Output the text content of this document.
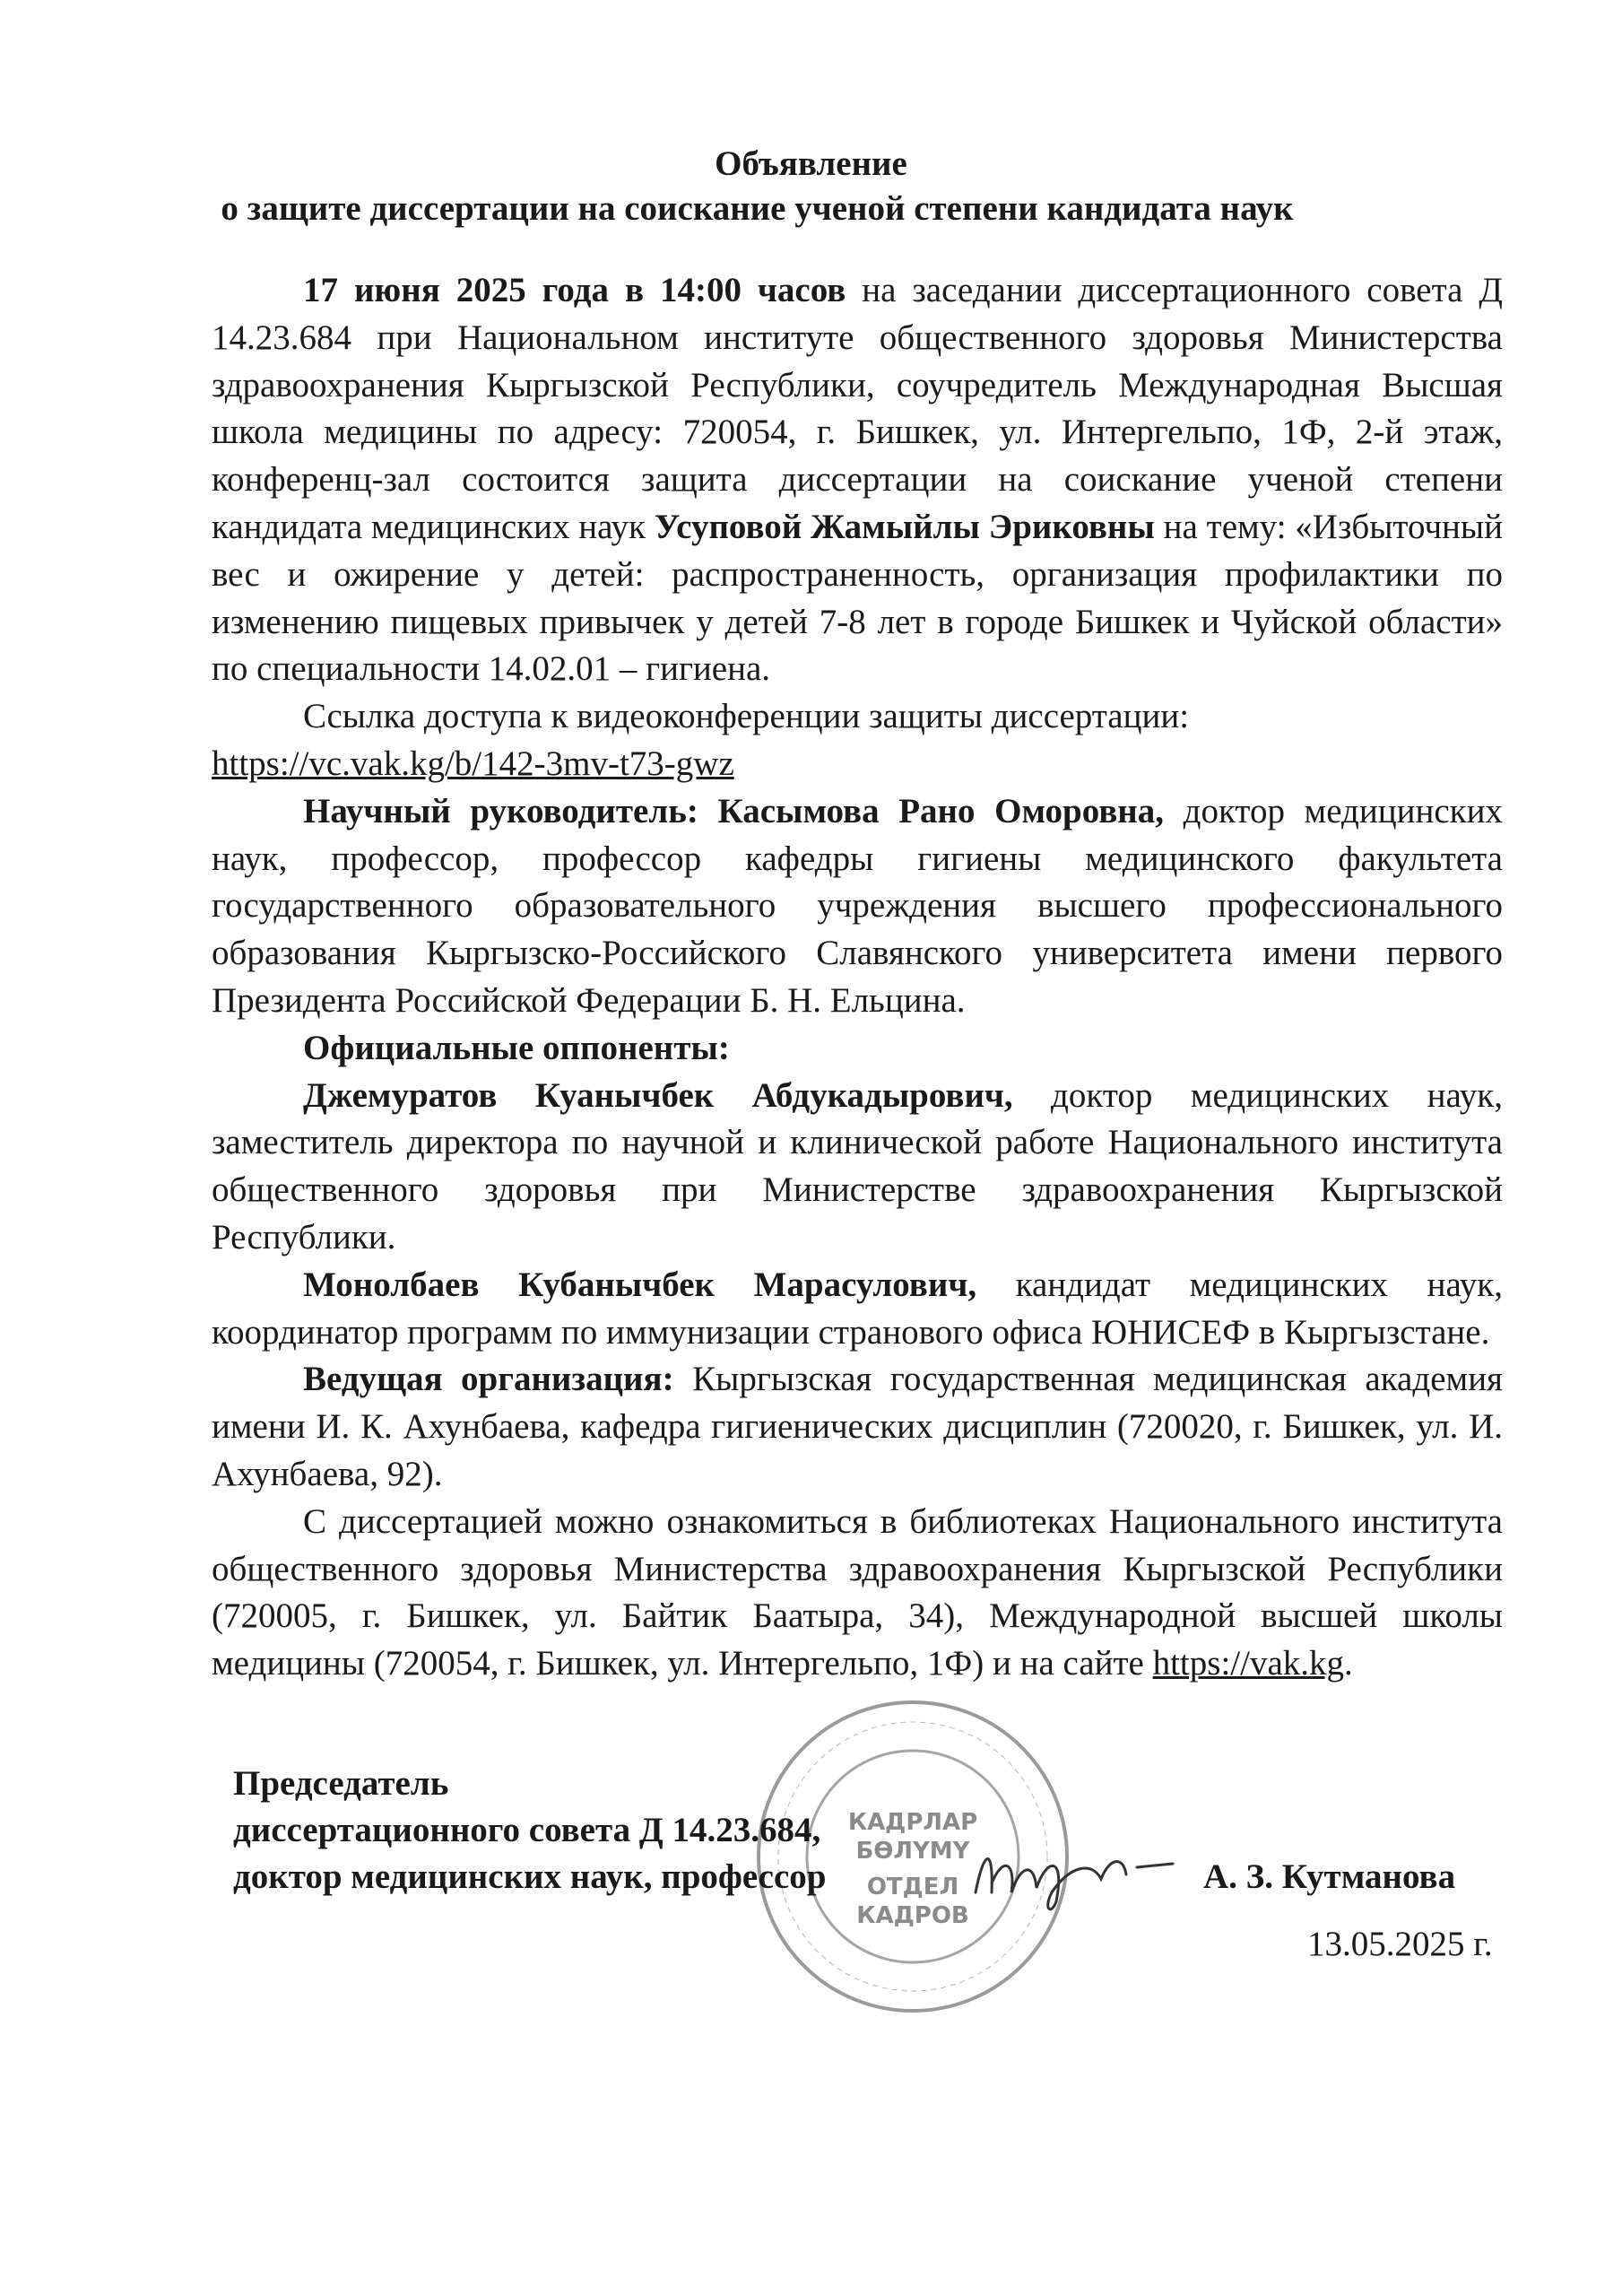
Объявление
о защите диссертации на соискание ученой степени кандидата наук

17 июня 2025 года в 14:00 часов на заседании диссертационного совета Д 14.23.684 при Национальном институте общественного здоровья Министерства здравоохранения Кыргызской Республики, соучредитель Международная Высшая школа медицины по адресу: 720054, г. Бишкек, ул. Интергельпо, 1Ф, 2-й этаж, конференц-зал состоится защита диссертации на соискание ученой степени кандидата медицинских наук Усуповой Жамыйлы Эриковны на тему: «Избыточный вес и ожирение у детей: распространенность, организация профилактики по изменению пищевых привычек у детей 7-8 лет в городе Бишкек и Чуйской области» по специальности 14.02.01 – гигиена.

Ссылка доступа к видеоконференции защиты диссертации:

https://vc.vak.kg/b/142-3mv-t73-gwz

Научный руководитель: Касымова Рано Оморовна, доктор медицинских наук, профессор, профессор кафедры гигиены медицинского факультета государственного образовательного учреждения высшего профессионального образования Кыргызско-Российского Славянского университета имени первого Президента Российской Федерации Б. Н. Ельцина.

Официальные оппоненты:

Джемуратов Куанычбек Абдукадырович, доктор медицинских наук, заместитель директора по научной и клинической работе Национального института общественного здоровья при Министерстве здравоохранения Кыргызской Республики.

Монолбаев Кубанычбек Марасулович, кандидат медицинских наук, координатор программ по иммунизации странового офиса ЮНИСЕФ в Кыргызстане.

Ведущая организация: Кыргызская государственная медицинская академия имени И. К. Ахунбаева, кафедра гигиенических дисциплин (720020, г. Бишкек, ул. И. Ахунбаева, 92).

С диссертацией можно ознакомиться в библиотеках Национального института общественного здоровья Министерства здравоохранения Кыргызской Республики (720005, г. Бишкек, ул. Байтик Баатыра, 34), Международной высшей школы медицины (720054, г. Бишкек, ул. Интергельпо, 1Ф) и на сайте https://vak.kg.

КАДРЛАР
БӨЛҮМҮ
ОТДЕЛ
КАДРОВ
Председатель
диссертационного совета Д 14.23.684,
доктор медицинских наук, профессор	А. З. Кутманова
13.05.2025 г.
